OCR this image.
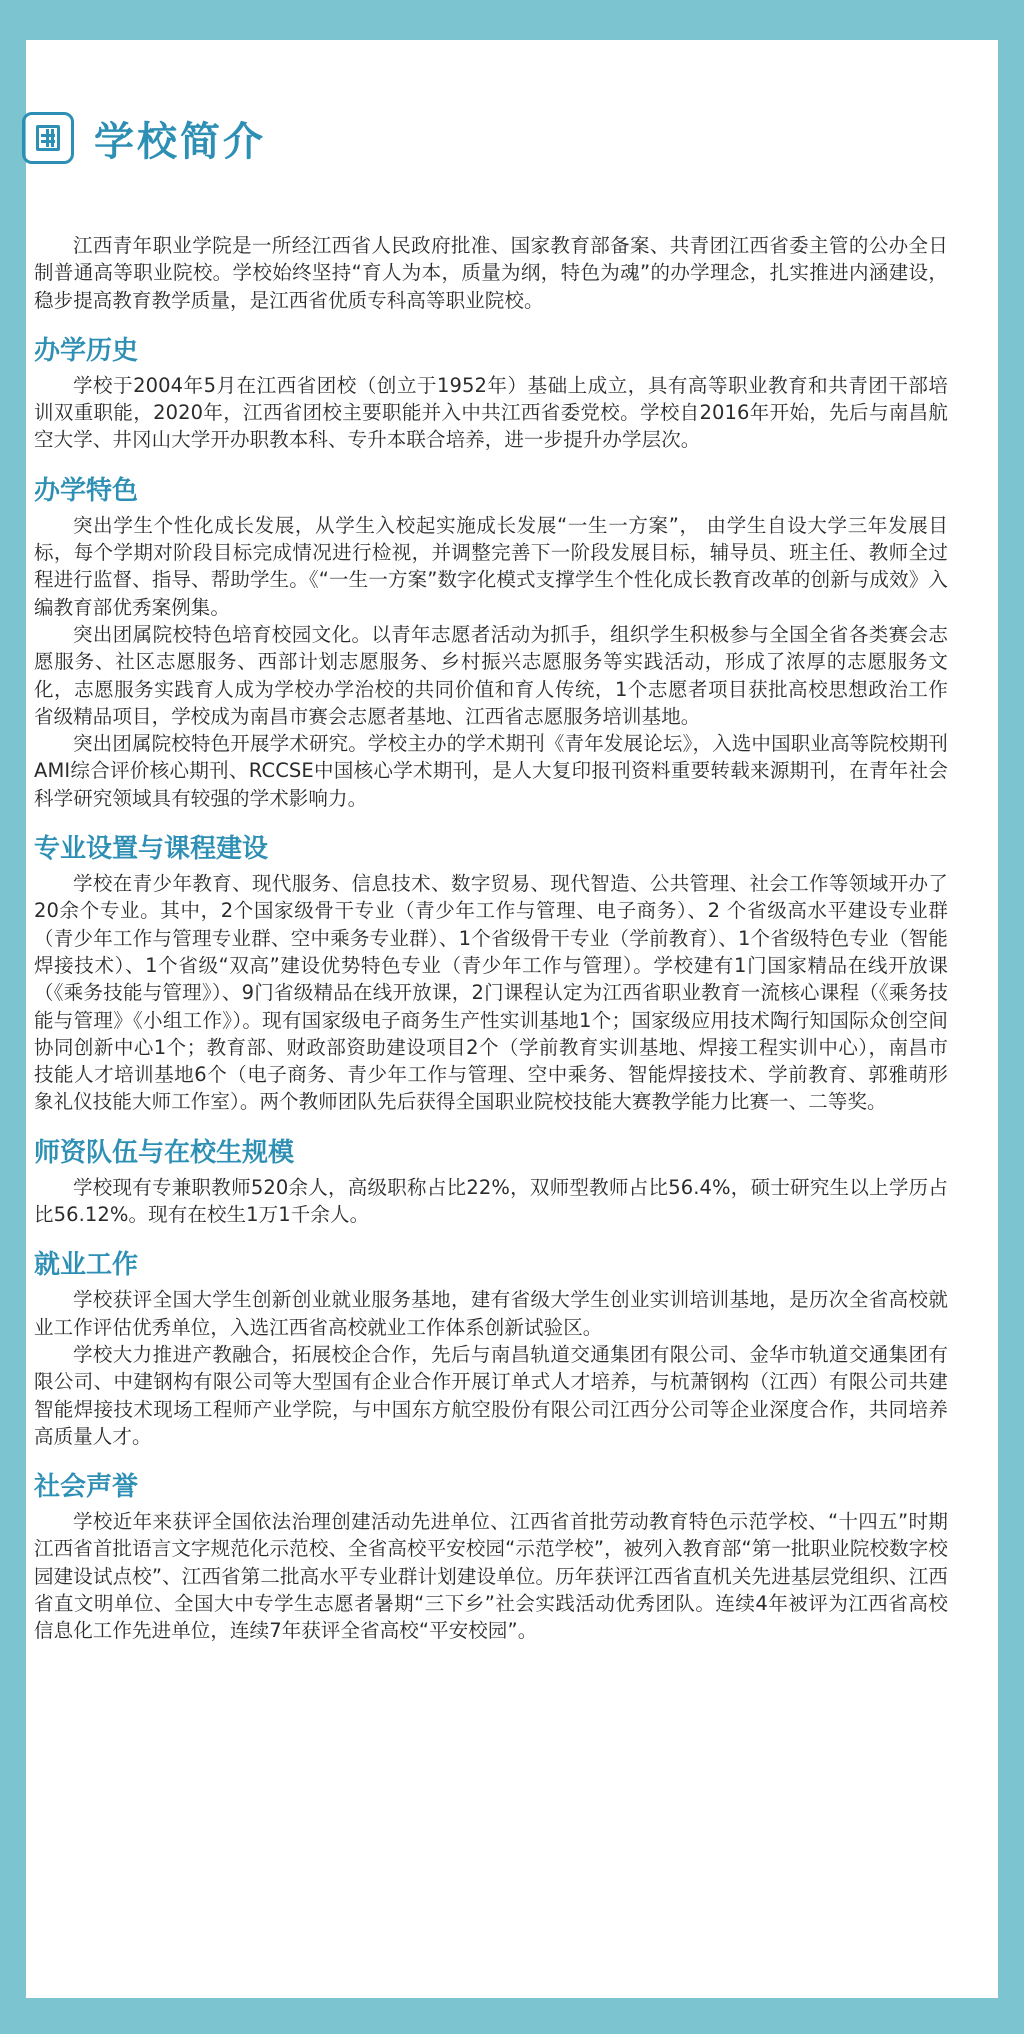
学校简介

江西青年职业学院是一所经江西省人民政府批准、国家教育部备案、共青团江西省委主管的公办全日制普通高等职业院校。学校始终坚持“育人为本，质量为纲，特色为魂”的办学理念，扎实推进内涵建设，稳步提高教育教学质量，是江西省优质专科高等职业院校。

办学历史

学校于2004年5月在江西省团校（创立于1952年）基础上成立，具有高等职业教育和共青团干部培训双重职能，2020年，江西省团校主要职能并入中共江西省委党校。学校自2016年开始，先后与南昌航空大学、井冈山大学开办职教本科、专升本联合培养，进一步提升办学层次。

办学特色

突出学生个性化成长发展，从学生入校起实施成长发展“一生一方案”， 由学生自设大学三年发展目标，每个学期对阶段目标完成情况进行检视，并调整完善下一阶段发展目标，辅导员、班主任、教师全过程进行监督、指导、帮助学生。《“一生一方案”数字化模式支撑学生个性化成长教育改革的创新与成效》入编教育部优秀案例集。

突出团属院校特色培育校园文化。以青年志愿者活动为抓手，组织学生积极参与全国全省各类赛会志愿服务、社区志愿服务、西部计划志愿服务、乡村振兴志愿服务等实践活动，形成了浓厚的志愿服务文化，志愿服务实践育人成为学校办学治校的共同价值和育人传统，1个志愿者项目获批高校思想政治工作省级精品项目，学校成为南昌市赛会志愿者基地、江西省志愿服务培训基地。

突出团属院校特色开展学术研究。学校主办的学术期刊《青年发展论坛》，入选中国职业高等院校期刊AMI综合评价核心期刊、RCCSE中国核心学术期刊，是人大复印报刊资料重要转载来源期刊，在青年社会科学研究领域具有较强的学术影响力。

专业设置与课程建设

学校在青少年教育、现代服务、信息技术、数字贸易、现代智造、公共管理、社会工作等领域开办了20余个专业。其中，2个国家级骨干专业（青少年工作与管理、电子商务）、2 个省级高水平建设专业群（青少年工作与管理专业群、空中乘务专业群）、1个省级骨干专业（学前教育）、1个省级特色专业（智能焊接技术）、1个省级“双高”建设优势特色专业（青少年工作与管理）。学校建有1门国家精品在线开放课（《乘务技能与管理》）、9门省级精品在线开放课，2门课程认定为江西省职业教育一流核心课程（《乘务技能与管理》《小组工作》）。现有国家级电子商务生产性实训基地1个；国家级应用技术陶行知国际众创空间协同创新中心1个；教育部、财政部资助建设项目2个（学前教育实训基地、焊接工程实训中心），南昌市技能人才培训基地6个（电子商务、青少年工作与管理、空中乘务、智能焊接技术、学前教育、郭雅萌形象礼仪技能大师工作室）。两个教师团队先后获得全国职业院校技能大赛教学能力比赛一、二等奖。

师资队伍与在校生规模

学校现有专兼职教师520余人，高级职称占比22%，双师型教师占比56.4%，硕士研究生以上学历占比56.12%。现有在校生1万1千余人。

就业工作

学校获评全国大学生创新创业就业服务基地，建有省级大学生创业实训培训基地，是历次全省高校就业工作评估优秀单位，入选江西省高校就业工作体系创新试验区。

学校大力推进产教融合，拓展校企合作，先后与南昌轨道交通集团有限公司、金华市轨道交通集团有限公司、中建钢构有限公司等大型国有企业合作开展订单式人才培养，与杭萧钢构（江西）有限公司共建智能焊接技术现场工程师产业学院，与中国东方航空股份有限公司江西分公司等企业深度合作，共同培养高质量人才。

社会声誉

学校近年来获评全国依法治理创建活动先进单位、江西省首批劳动教育特色示范学校、“十四五”时期江西省首批语言文字规范化示范校、全省高校平安校园“示范学校”，被列入教育部“第一批职业院校数字校园建设试点校”、江西省第二批高水平专业群计划建设单位。历年获评江西省直机关先进基层党组织、江西省直文明单位、全国大中专学生志愿者暑期“三下乡”社会实践活动优秀团队。连续4年被评为江西省高校信息化工作先进单位，连续7年获评全省高校“平安校园”。
